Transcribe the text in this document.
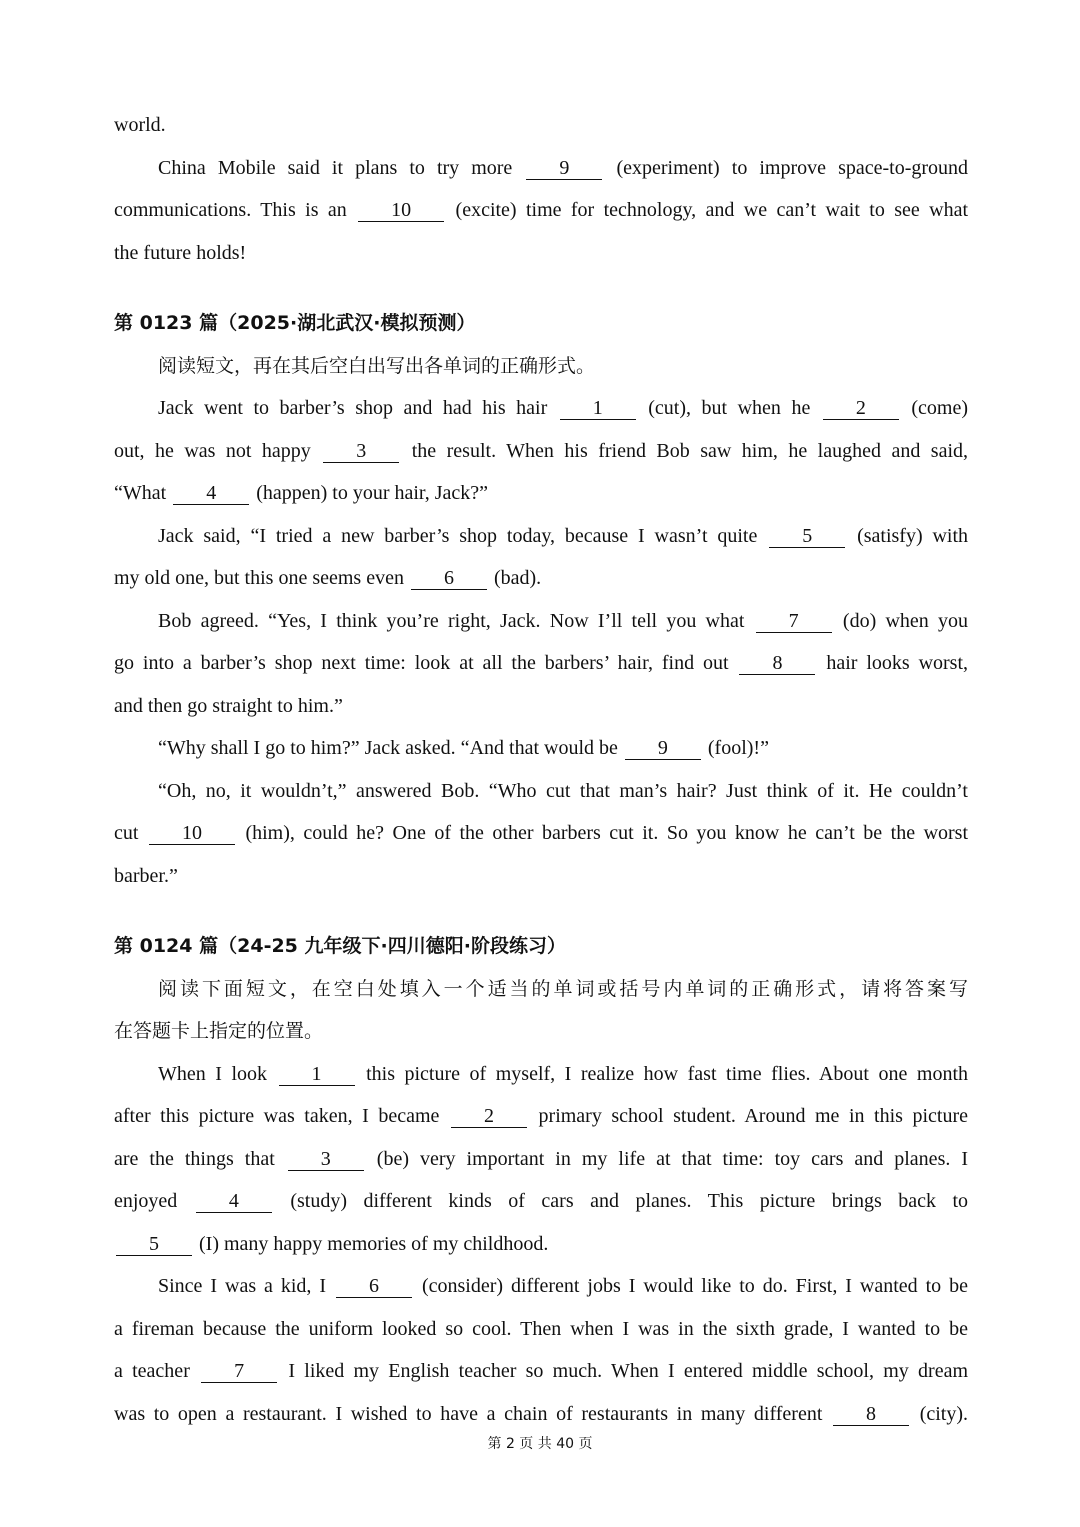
world.
China Mobile said it plans to try more 9 (experiment) to improve space-to-ground
communications. This is an 10 (excite) time for technology, and we can’t wait to see what
the future holds!
第 0123 篇（2025·湖北武汉·模拟预测）
阅读短文，再在其后空白出写出各单词的正确形式。
Jack went to barber’s shop and had his hair 1 (cut), but when he 2 (come)
out, he was not happy 3 the result. When his friend Bob saw him, he laughed and said,
“What 4 (happen) to your hair, Jack?”
Jack said, “I tried a new barber’s shop today, because I wasn’t quite 5 (satisfy) with
my old one, but this one seems even 6 (bad).
Bob agreed. “Yes, I think you’re right, Jack. Now I’ll tell you what 7 (do) when you
go into a barber’s shop next time: look at all the barbers’ hair, find out 8 hair looks worst,
and then go straight to him.”
“Why shall I go to him?” Jack asked. “And that would be 9 (fool)!”
“Oh, no, it wouldn’t,” answered Bob. “Who cut that man’s hair? Just think of it. He couldn’t
cut 10 (him), could he? One of the other barbers cut it. So you know he can’t be the worst
barber.”
第 0124 篇（24-25 九年级下·四川德阳·阶段练习）
阅读下面短文，在空白处填入一个适当的单词或括号内单词的正确形式，请将答案写
在答题卡上指定的位置。
When I look 1 this picture of myself, I realize how fast time flies. About one month
after this picture was taken, I became 2 primary school student. Around me in this picture
are the things that 3 (be) very important in my life at that time: toy cars and planes. I
enjoyed	4	(study) different kinds of cars and planes. This picture brings back to
5 (I) many happy memories of my childhood.
Since I was a kid, I 6 (consider) different jobs I would like to do. First, I wanted to be
a fireman because the uniform looked so cool. Then when I was in the sixth grade, I wanted to be
a teacher 7 I liked my English teacher so much. When I entered middle school, my dream
was to open a restaurant. I wished to have a chain of restaurants in many different 8 (city).
第 2 页 共 40 页
